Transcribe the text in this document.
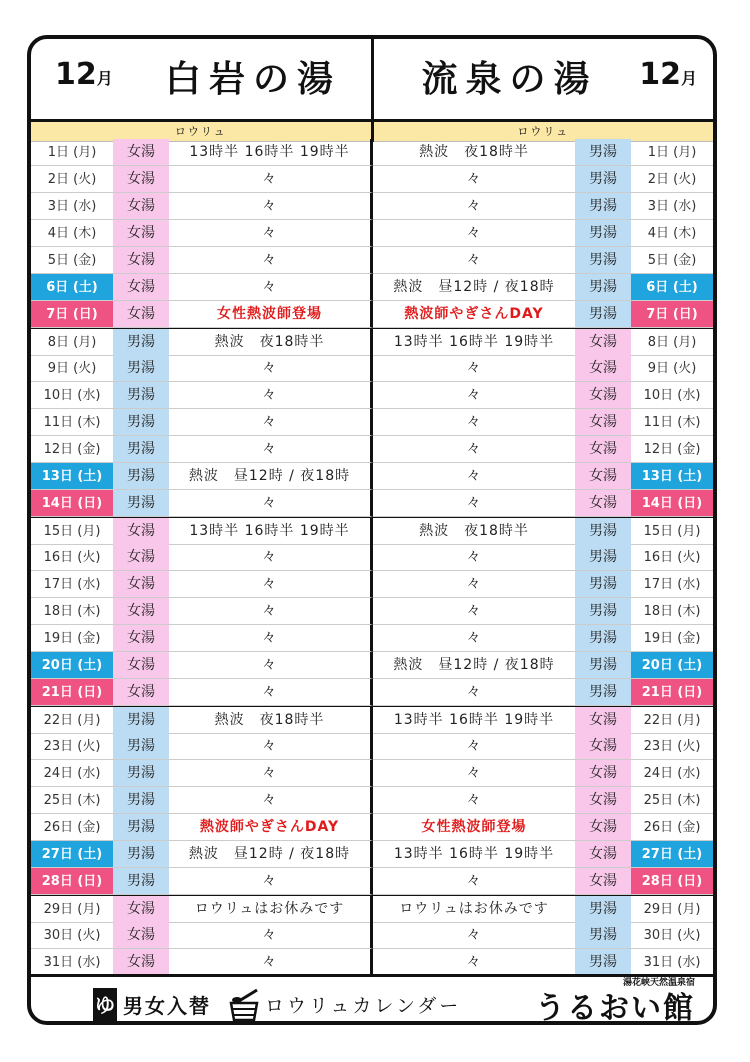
12月 白岩の湯 流泉の湯 12月
ロウリュ	ロウリュ
1日 (月)	女湯	13時半 16時半 19時半	熱波　夜18時半	男湯	1日 (月)
2日 (火)	女湯	々	々	男湯	2日 (火)
3日 (水)	女湯	々	々	男湯	3日 (水)
4日 (木)	女湯	々	々	男湯	4日 (木)
5日 (金)	女湯	々	々	男湯	5日 (金)
6日 (土)	女湯	々	熱波　昼12時 / 夜18時	男湯	6日 (土)
7日 (日)	女湯	女性熱波師登場	熱波師やぎさんDAY	男湯	7日 (日)
8日 (月)	男湯	熱波　夜18時半	13時半 16時半 19時半	女湯	8日 (月)
9日 (火)	男湯	々	々	女湯	9日 (火)
10日 (水)	男湯	々	々	女湯	10日 (水)
11日 (木)	男湯	々	々	女湯	11日 (木)
12日 (金)	男湯	々	々	女湯	12日 (金)
13日 (土)	男湯	熱波　昼12時 / 夜18時	々	女湯	13日 (土)
14日 (日)	男湯	々	々	女湯	14日 (日)
15日 (月)	女湯	13時半 16時半 19時半	熱波　夜18時半	男湯	15日 (月)
16日 (火)	女湯	々	々	男湯	16日 (火)
17日 (水)	女湯	々	々	男湯	17日 (水)
18日 (木)	女湯	々	々	男湯	18日 (木)
19日 (金)	女湯	々	々	男湯	19日 (金)
20日 (土)	女湯	々	熱波　昼12時 / 夜18時	男湯	20日 (土)
21日 (日)	女湯	々	々	男湯	21日 (日)
22日 (月)	男湯	熱波　夜18時半	13時半 16時半 19時半	女湯	22日 (月)
23日 (火)	男湯	々	々	女湯	23日 (火)
24日 (水)	男湯	々	々	女湯	24日 (水)
25日 (木)	男湯	々	々	女湯	25日 (木)
26日 (金)	男湯	熱波師やぎさんDAY	女性熱波師登場	女湯	26日 (金)
27日 (土)	男湯	熱波　昼12時 / 夜18時	13時半 16時半 19時半	女湯	27日 (土)
28日 (日)	男湯	々	々	女湯	28日 (日)
29日 (月)	女湯	ロウリュはお休みです	ロウリュはお休みです	男湯	29日 (月)
30日 (火)	女湯	々	々	男湯	30日 (火)
31日 (水)	女湯	々	々	男湯	31日 (水)
ゆ 男女入替	ロウリュカレンダー
湯花峡天然温泉宿
うるおい館
